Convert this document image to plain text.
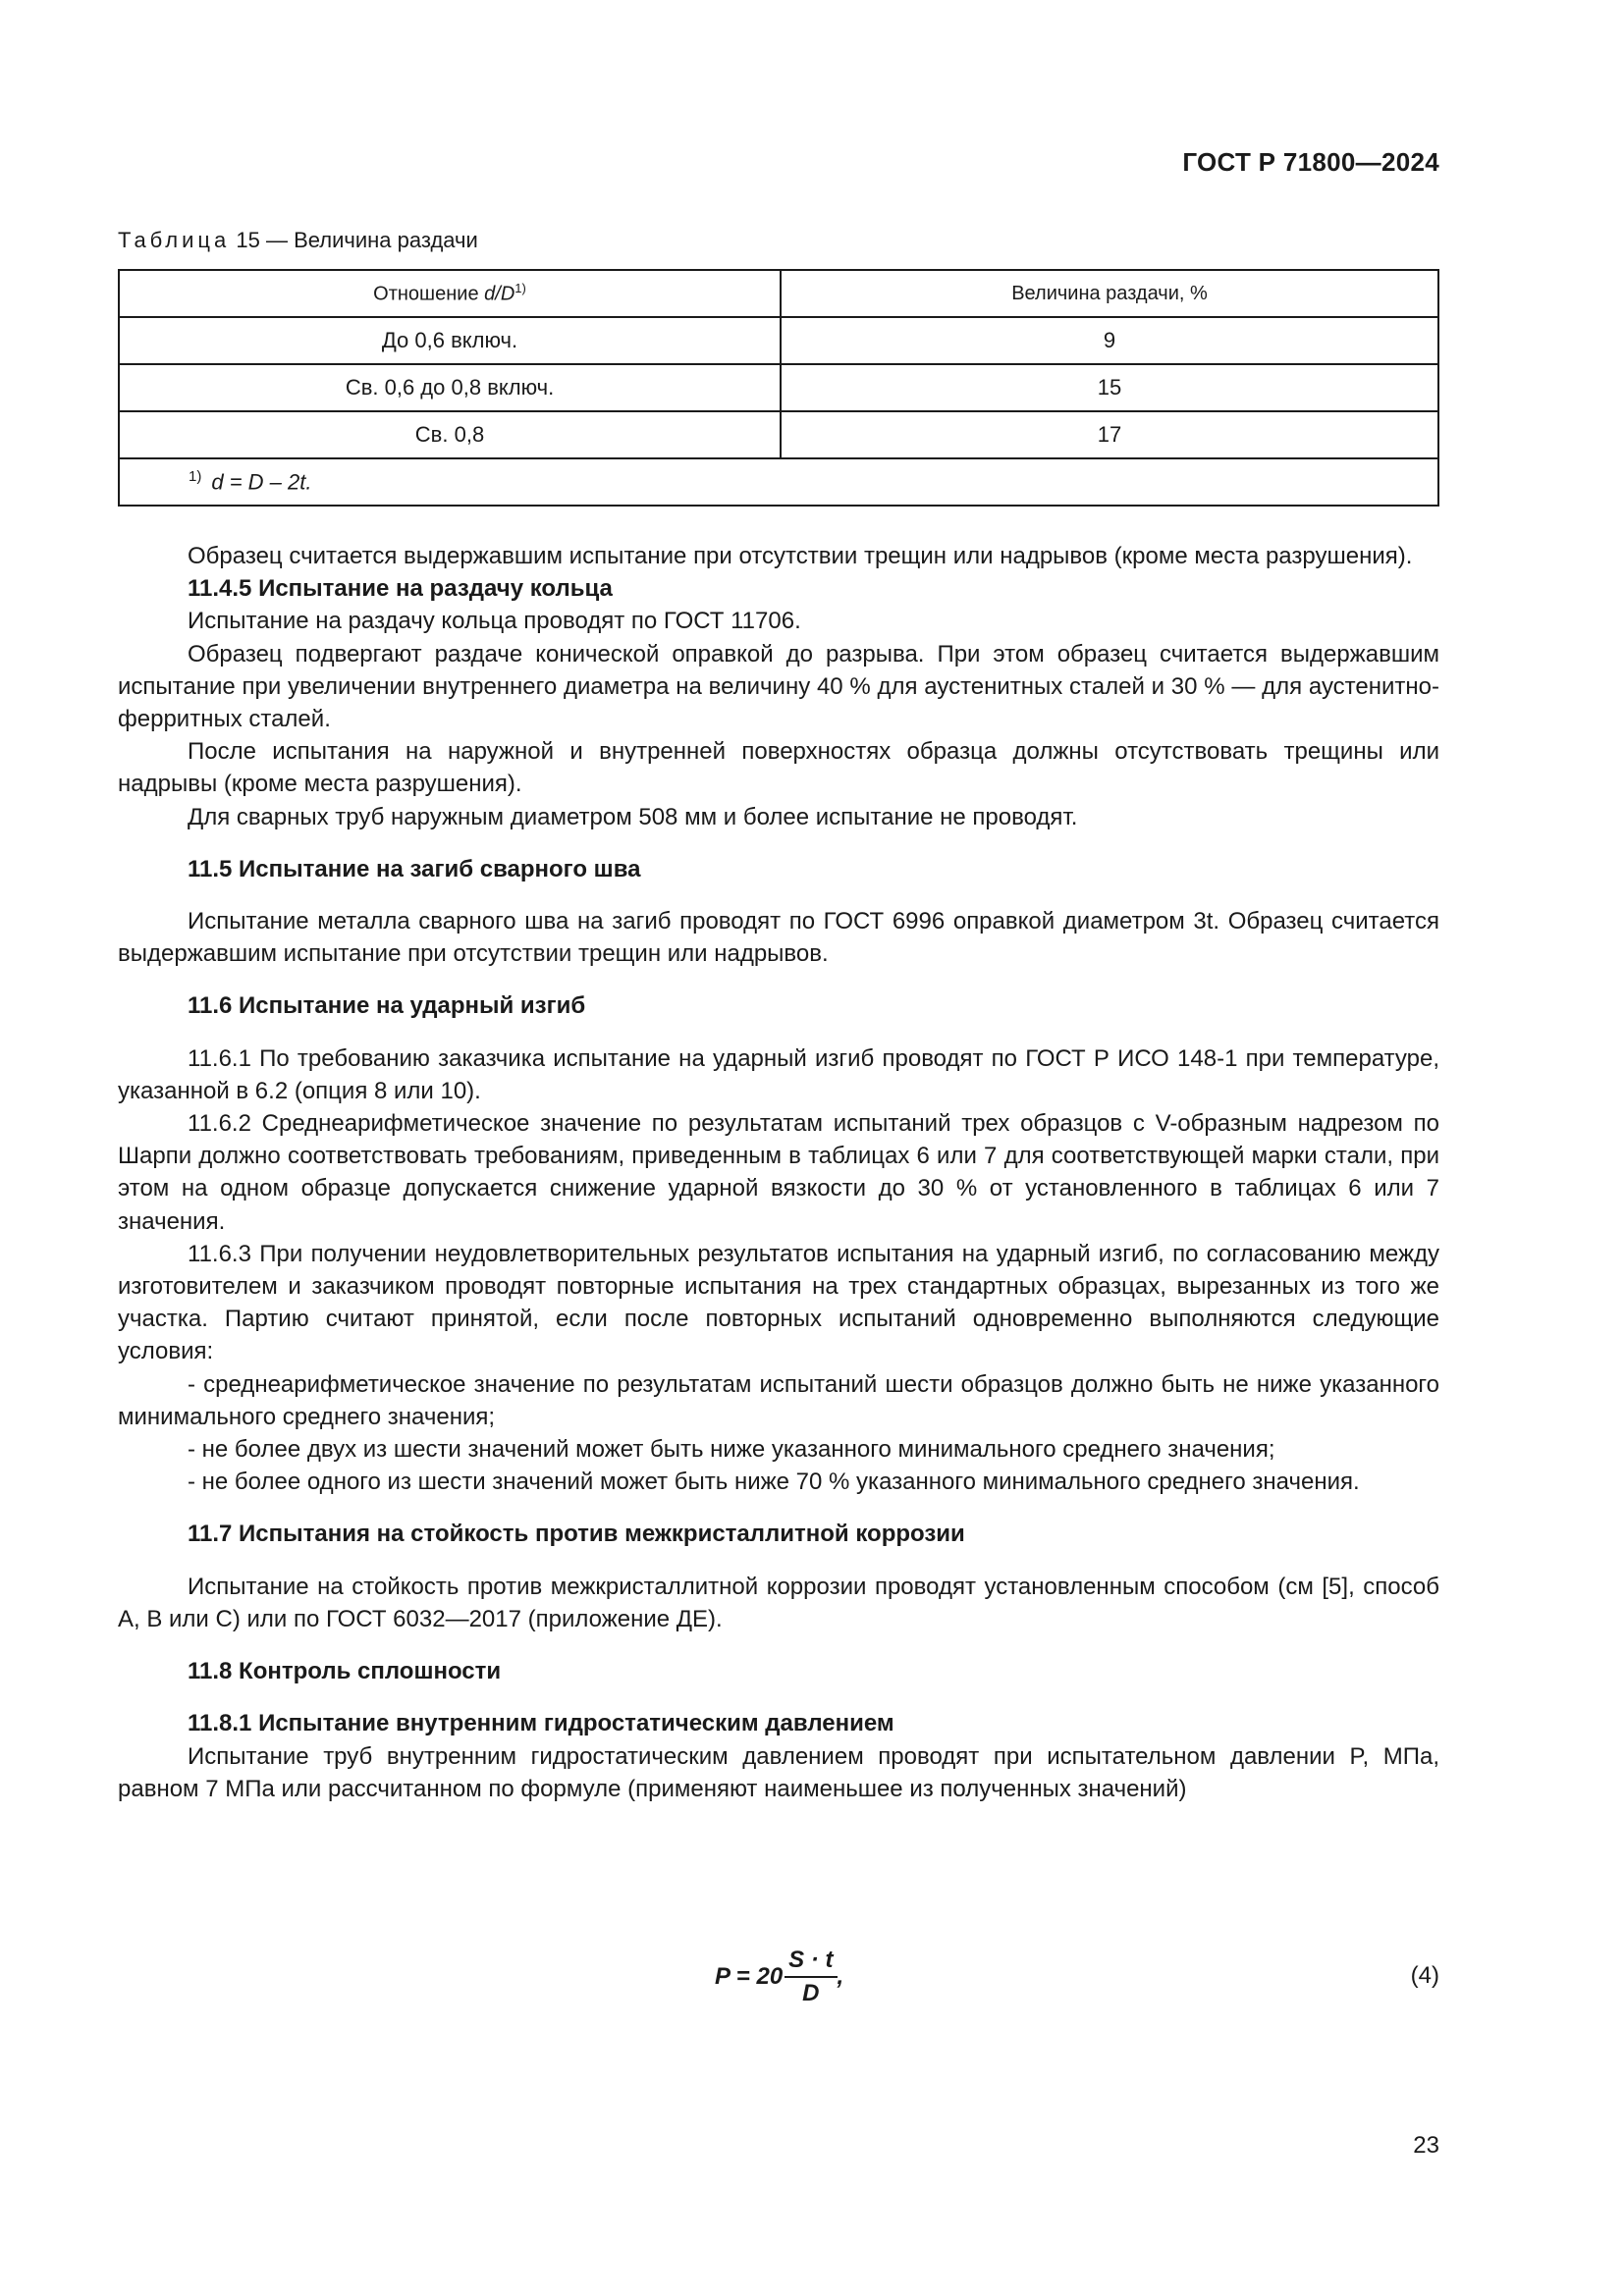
ГОСТ Р 71800—2024
Таблица 15 — Величина раздачи
Отношение $d/D^{1)}$	Величина раздачи, %
До 0,6 включ.	9
Св. 0,6 до 0,8 включ.	15
Св. 0,8	17
$^{1)}$ d = D – 2t.	

Образец считается выдержавшим испытание при отсутствии трещин или надрывов (кроме места разрушения).

11.4.5 Испытание на раздачу кольца

Испытание на раздачу кольца проводят по ГОСТ 11706.

Образец подвергают раздаче конической оправкой до разрыва. При этом образец считается выдержавшим испытание при увеличении внутреннего диаметра на величину 40 % для аустенитных сталей и 30 % — для аустенитно-ферритных сталей.

После испытания на наружной и внутренней поверхностях образца должны отсутствовать трещины или надрывы (кроме места разрушения).

Для сварных труб наружным диаметром 508 мм и более испытание не проводят.

11.5 Испытание на загиб сварного шва

Испытание металла сварного шва на загиб проводят по ГОСТ 6996 оправкой диаметром 3t. Образец считается выдержавшим испытание при отсутствии трещин или надрывов.

11.6 Испытание на ударный изгиб

11.6.1 По требованию заказчика испытание на ударный изгиб проводят по ГОСТ Р ИСО 148-1 при температуре, указанной в 6.2 (опция 8 или 10).

11.6.2 Среднеарифметическое значение по результатам испытаний трех образцов с V-образным надрезом по Шарпи должно соответствовать требованиям, приведенным в таблицах 6 или 7 для соответствующей марки стали, при этом на одном образце допускается снижение ударной вязкости до 30 % от установленного в таблицах 6 или 7 значения.

11.6.3 При получении неудовлетворительных результатов испытания на ударный изгиб, по согласованию между изготовителем и заказчиком проводят повторные испытания на трех стандартных образцах, вырезанных из того же участка. Партию считают принятой, если после повторных испытаний одновременно выполняются следующие условия:

- среднеарифметическое значение по результатам испытаний шести образцов должно быть не ниже указанного минимального среднего значения;

- не более двух из шести значений может быть ниже указанного минимального среднего значения;

- не более одного из шести значений может быть ниже 70 % указанного минимального среднего значения.

11.7 Испытания на стойкость против межкристаллитной коррозии

Испытание на стойкость против межкристаллитной коррозии проводят установленным способом (см [5], способ А, В или С) или по ГОСТ 6032—2017 (приложение ДЕ).

11.8 Контроль сплошности

11.8.1 Испытание внутренним гидростатическим давлением

Испытание труб внутренним гидростатическим давлением проводят при испытательном давлении P, МПа, равном 7 МПа или рассчитанном по формуле (применяют наименьшее из полученных значений)

$P = 20 \frac{S \cdot t}{D}$ ,	(4)
23
